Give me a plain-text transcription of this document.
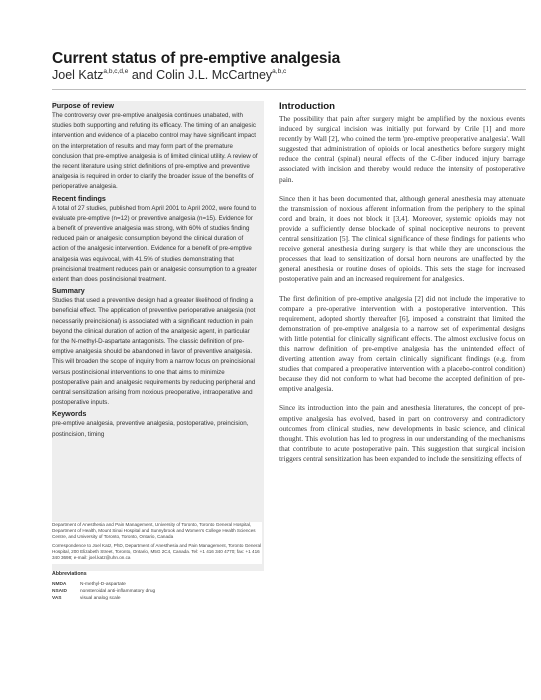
Current status of pre-emptive analgesia
Joel Katz$^{a,b,c,d,e}$ and Colin J.L. McCartney$^{a,b,c}$
Purpose of review

The controversy over pre-emptive analgesia continues unabated, with studies both supporting and refuting its efficacy. The timing of an analgesic intervention and evidence of a placebo control may have significant impact on the interpretation of results and may form part of the premature conclusion that pre-emptive analgesia is of limited clinical utility. A review of the recent literature using strict definitions of pre-emptive and preventive analgesia is required in order to clarify the broader issue of the benefits of perioperative analgesia.

Recent findings

A total of 27 studies, published from April 2001 to April 2002, were found to evaluate pre-emptive (n=12) or preventive analgesia (n=15). Evidence for a benefit of preventive analgesia was strong, with 60% of studies finding reduced pain or analgesic consumption beyond the clinical duration of action of the analgesic intervention. Evidence for a benefit of pre-emptive analgesia was equivocal, with 41.5% of studies demonstrating that preincisional treatment reduces pain or analgesic consumption to a greater extent than does postincisional treatment.

Summary

Studies that used a preventive design had a greater likelihood of finding a beneficial effect. The application of preventive perioperative analgesia (not necessarily preincisional) is associated with a significant reduction in pain beyond the clinical duration of action of the analgesic agent, in particular for the N-methyl-D-aspartate antagonists. The classic definition of pre-emptive analgesia should be abandoned in favor of preventive analgesia. This will broaden the scope of inquiry from a narrow focus on preincisional versus postincisional interventions to one that aims to minimize postoperative pain and analgesic requirements by reducing peripheral and central sensitization arising from noxious preoperative, intraoperative and postoperative inputs.

Keywords

pre-emptive analgesia, preventive analgesia, postoperative, preincision, postincision, timing

Department of Anesthesia and Pain Management, University of Toronto, Toronto General Hospital, Department of Health, Mount Sinai Hospital and Sunnybrook and Women's College Health Sciences Centre, and University of Toronto, Toronto, Ontario, Canada

Correspondence to Joel Katz, PhD, Department of Anesthesia and Pain Management, Toronto General Hospital, 200 Elizabeth Street, Toronto, Ontario, M5G 2C4, Canada. Tel: +1 416 340 4770; fax: +1 416 340 3698; e-mail: joel.katz@uhn.on.ca

Abbreviations
NMDA	N-methyl-D-aspartate
NSAID	nonsteroidal anti-inflammatory drug
VAS	visual analog scale
Introduction

The possibility that pain after surgery might be amplified by the noxious events induced by surgical incision was initially put forward by Crile [1] and more recently by Wall [2], who coined the term 'pre-emptive preoperative analgesia'. Wall suggested that administration of opioids or local anesthetics before surgery might reduce the central (spinal) neural effects of the C-fiber induced injury barrage associated with incision and thereby would reduce the intensity of postoperative pain.

Since then it has been documented that, although general anesthesia may attenuate the transmission of noxious afferent information from the periphery to the spinal cord and brain, it does not block it [3,4]. Moreover, systemic opioids may not provide a sufficiently dense blockade of spinal nociceptive neurons to prevent central sensitization [5]. The clinical significance of these findings for patients who receive general anesthesia during surgery is that while they are unconscious the processes that lead to sensitization of dorsal horn neurons are unaffected by the general anesthesia or routine doses of opioids. This sets the stage for increased postoperative pain and an increased requirement for analgesics.

The first definition of pre-emptive analgesia [2] did not include the imperative to compare a pre-operative intervention with a postoperative intervention. This requirement, adopted shortly thereafter [6], imposed a constraint that limited the demonstration of pre-emptive analgesia to a narrow set of experimental designs with little potential for clinically significant effects. The almost exclusive focus on this narrow definition of pre-emptive analgesia has the unintended effect of diverting attention away from certain clinically significant findings (e.g. from studies that compared a preoperative intervention with a placebo-control condition) because they did not conform to what had become the accepted definition of pre-emptive analgesia.

Since its introduction into the pain and anesthesia literatures, the concept of pre-emptive analgesia has evolved, based in part on controversy and contradictory outcomes from clinical studies, new developments in basic science, and clinical thought. This evolution has led to progress in our understanding of the mechanisms that contribute to acute postoperative pain. This suggestion that surgical incision triggers central sensitization has been expanded to include the sensitizing effects of
